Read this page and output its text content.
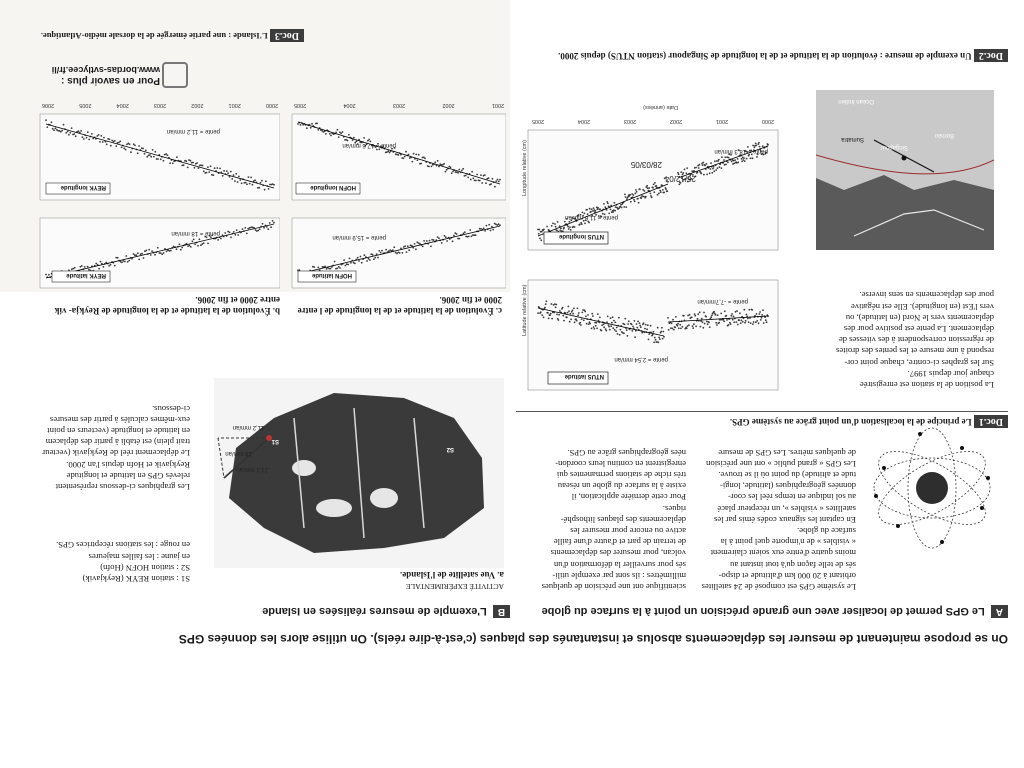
On se propose maintenant de mesurer les déplacements absolus et instantanés des plaques (c'est-à-dire réels). On utilise alors les données GPS
A
Le GPS permet de localiser avec une grande précision un point à la surface du globe
B
L'exemple de mesures réalisées en Islande
Le système GPS est composé de 24 satellites
orbitant à 20 000 km d'altitude et dispo-
sés de telle façon qu'à tout instant au
moins quatre d'entre eux soient clairement
« visibles » de n'importe quel point à la
surface du globe.
En captant les signaux codés émis par les
satellites « visibles », un récepteur placé
au sol indique en temps réel les coor-
données géographiques (latitude, longi-
tude et altitude) du point où il se trouve.
Les GPS « grand public » ont une précision
de quelques mètres. Les GPS de mesure
scientifique ont une précision de quelques
millimètres : ils sont par exemple utili-
sés pour surveiller la déformation d'un
volcan, pour mesurer des déplacements
de terrain de part et d'autre d'une faille
active ou encore pour mesurer les
déplacements des plaques lithosphé-
riques.
Pour cette dernière application, il
existe à la surface du globe un réseau
très riche de stations permanentes qui
enregistrent en continu leurs coordon-
nées géographiques grâce au GPS.
Doc.1 Le principe de la localisation d'un point grâce au système GPS.
La position de la station est enregistrée
chaque jour depuis 1997.
Sur les graphes ci-contre, chaque point cor-
respond à une mesure et les pentes des droites
de régression correspondent à des vitesses de
déplacement. La pente est positive pour des
déplacements vers le Nord (en latitude), ou
vers l'Est (en longitude). Elle est négative
pour des déplacements en sens inverse.
NTUS latitude
pente = 2,54 mm/an
pente = -7,7mm/an
Latitude relative (cm)
NTUS longitude
pente = 11,6 mm/an
pente = 18,3 mm/an
26/12/04
28/03/05
Longitude relative (cm)
2000
2001
2002
2003
2004
2005
Date (années)
Océan Indien
Sumatra
Bornéo
Singapour
Doc.2 Un exemple de mesure : évolution de la latitude et de la longitude de Singapour (station NTUS) depuis 2000.
ACTIVITÉ EXPÉRIMENTALE
a. Vue satellite de l'Islande.
21,1 mm/an
11,2 mm/an
18 mm/an
S1
S2
S1 : station REYK (Reykjavik)
S2 : station HOFN (Hofn)
en jaune : les failles majeures
en rouge : les stations réceptrices GPS.
Les graphiques ci-dessous représentent
relevés GPS en latitude et longitude
Reykjavik et Hofn depuis l'an 2000.
Le déplacement réel de Reykjavik (vecteur
trait plein) est établi à partir des déplacem
en latitude et longitude (vecteurs en point
eux-mêmes calculés à partir des mesures
ci-dessous.
b. Évolution de la latitude et de la longitude de Reykja- vik entre 2000 et fin 2006.
c. Évolution de la latitude et de la longitude de l entre 2000 et fin 2006.
REYK latitude
pente = 18 mm/an
REYK longitude
pente = 11,2 mm/an
2000
2001
2002
2003
2004
2005
2006
HOFN latitude
pente = 15,9 mm/an
HOFN longitude
pente = 17,6 mm/an
2001
2002
2003
2004
2005
Pour en savoir plus :
www.bordas-svtlycee.fr/li
Doc.3 L'Islande : une partie émergée de la dorsale médio-Atlantique.
